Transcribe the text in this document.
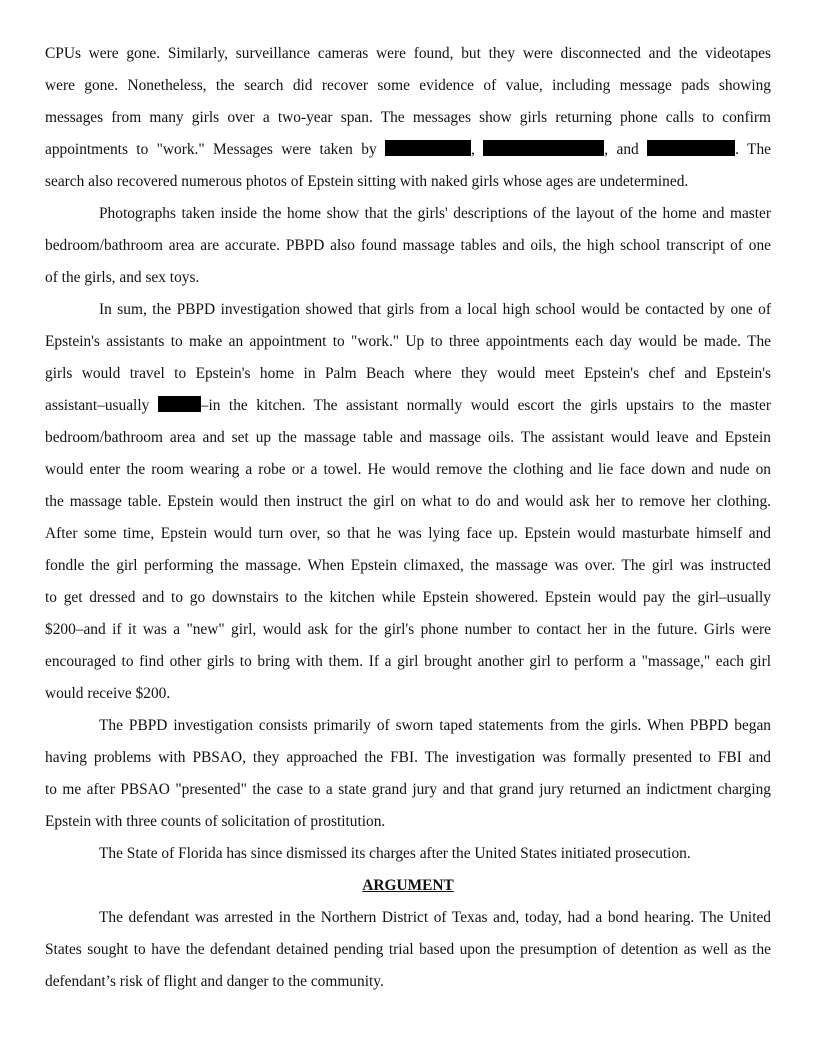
CPUs were gone. Similarly, surveillance cameras were found, but they were disconnected and the videotapes
were gone. Nonetheless, the search did recover some evidence of value, including message pads showing
messages from many girls over a two-year span. The messages show girls returning phone calls to confirm
appointments to "work." Messages were taken by	,	, and	. The
search also recovered numerous photos of Epstein sitting with naked girls whose ages are undetermined.
Photographs taken inside the home show that the girls' descriptions of the layout of the home and master
bedroom/bathroom area are accurate. PBPD also found massage tables and oils, the high school transcript of one
of the girls, and sex toys.
In sum, the PBPD investigation showed that girls from a local high school would be contacted by one of
Epstein's assistants to make an appointment to "work." Up to three appointments each day would be made. The
girls would travel to Epstein's home in Palm Beach where they would meet Epstein's chef and Epstein's
assistant–usually	–in the kitchen. The assistant normally would escort the girls upstairs to the master
bedroom/bathroom area and set up the massage table and massage oils. The assistant would leave and Epstein
would enter the room wearing a robe or a towel. He would remove the clothing and lie face down and nude on
the massage table. Epstein would then instruct the girl on what to do and would ask her to remove her clothing.
After some time, Epstein would turn over, so that he was lying face up. Epstein would masturbate himself and
fondle the girl performing the massage. When Epstein climaxed, the massage was over. The girl was instructed
to get dressed and to go downstairs to the kitchen while Epstein showered. Epstein would pay the girl–usually
$200–and if it was a "new" girl, would ask for the girl's phone number to contact her in the future. Girls were
encouraged to find other girls to bring with them. If a girl brought another girl to perform a "massage," each girl
would receive $200.
The PBPD investigation consists primarily of sworn taped statements from the girls. When PBPD began
having problems with PBSAO, they approached the FBI. The investigation was formally presented to FBI and
to me after PBSAO "presented" the case to a state grand jury and that grand jury returned an indictment charging
Epstein with three counts of solicitation of prostitution.
The State of Florida has since dismissed its charges after the United States initiated prosecution.
ARGUMENT
The defendant was arrested in the Northern District of Texas and, today, had a bond hearing. The United
States sought to have the defendant detained pending trial based upon the presumption of detention as well as the
defendant’s risk of flight and danger to the community.
